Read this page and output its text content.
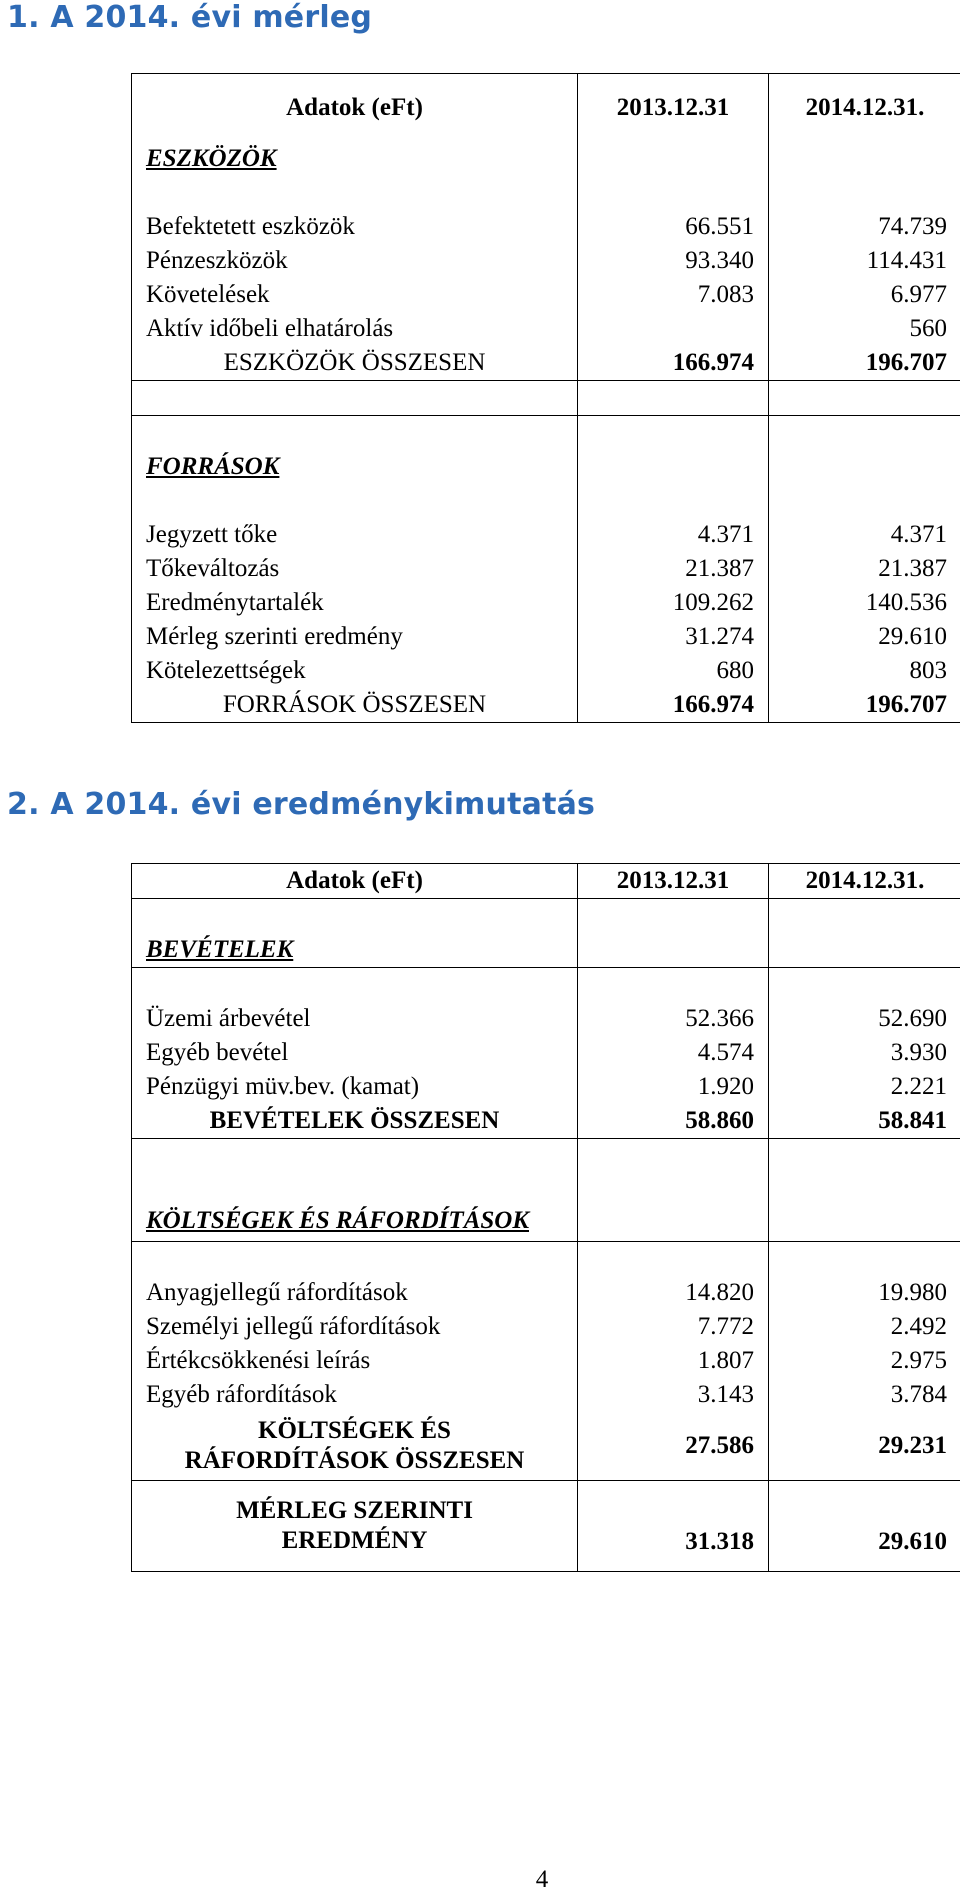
1. A 2014. évi mérleg
Adatok (eFt)	2013.12.31	2014.12.31.
ESZKÖZÖK		

Befektetett eszközök	66.551	74.739
Pénzeszközök	93.340	114.431
Követelések	7.083	6.977
Aktív időbeli elhatárolás		560
ESZKÖZÖK ÖSSZESEN	166.974	196.707

FORRÁSOK		

Jegyzett tőke	4.371	4.371
Tőkeváltozás	21.387	21.387
Eredménytartalék	109.262	140.536
Mérleg szerinti eredmény	31.274	29.610
Kötelezettségek	680	803
FORRÁSOK ÖSSZESEN	166.974	196.707
2. A 2014. évi eredménykimutatás
Adatok (eFt)	2013.12.31	2014.12.31.
BEVÉTELEK		

Üzemi árbevétel	52.366	52.690
Egyéb bevétel	4.574	3.930
Pénzügyi müv.bev. (kamat)	1.920	2.221
BEVÉTELEK ÖSSZESEN	58.860	58.841
KÖLTSÉGEK ÉS RÁFORDÍTÁSOK		

Anyagjellegű ráfordítások	14.820	19.980
Személyi jellegű ráfordítások	7.772	2.492
Értékcsökkenési leírás	1.807	2.975
Egyéb ráfordítások	3.143	3.784
KÖLTSÉGEK ÉS RÁFORDÍTÁSOK ÖSSZESEN	27.586	29.231
MÉRLEG SZERINTI EREDMÉNY	31.318	29.610
4
